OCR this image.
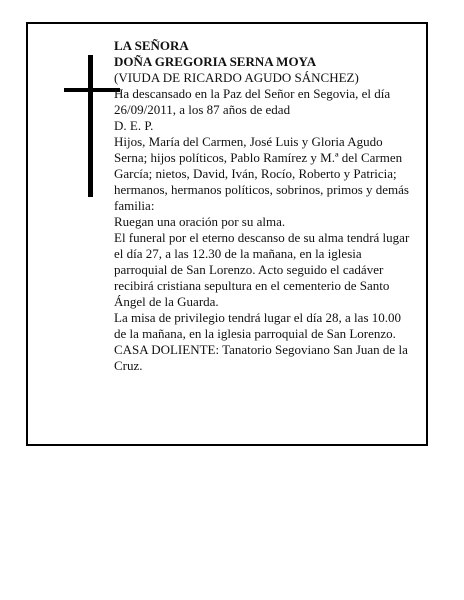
LA SEÑORA

DOÑA GREGORIA SERNA MOYA

(VIUDA DE RICARDO AGUDO SÁNCHEZ)

Ha descansado en la Paz del Señor en Segovia, el día 26/09/2011, a los 87 años de edad

D. E. P.

Hijos, María del Carmen, José Luis y Gloria Agudo Serna; hijos políticos, Pablo Ramírez y M.ª del Carmen García; nietos, David, Iván, Rocío, Roberto y Patricia; hermanos, hermanos políticos, sobrinos, primos y demás familia:

Ruegan una oración por su alma.

El funeral por el eterno descanso de su alma tendrá lugar el día 27, a las 12.30 de la mañana, en la iglesia parroquial de San Lorenzo. Acto seguido el cadáver recibirá cristiana sepultura en el cementerio de Santo Ángel de la Guarda.

La misa de privilegio tendrá lugar el día 28, a las 10.00 de la mañana, en la iglesia parroquial de San Lorenzo.

CASA DOLIENTE: Tanatorio Segoviano San Juan de la Cruz.
